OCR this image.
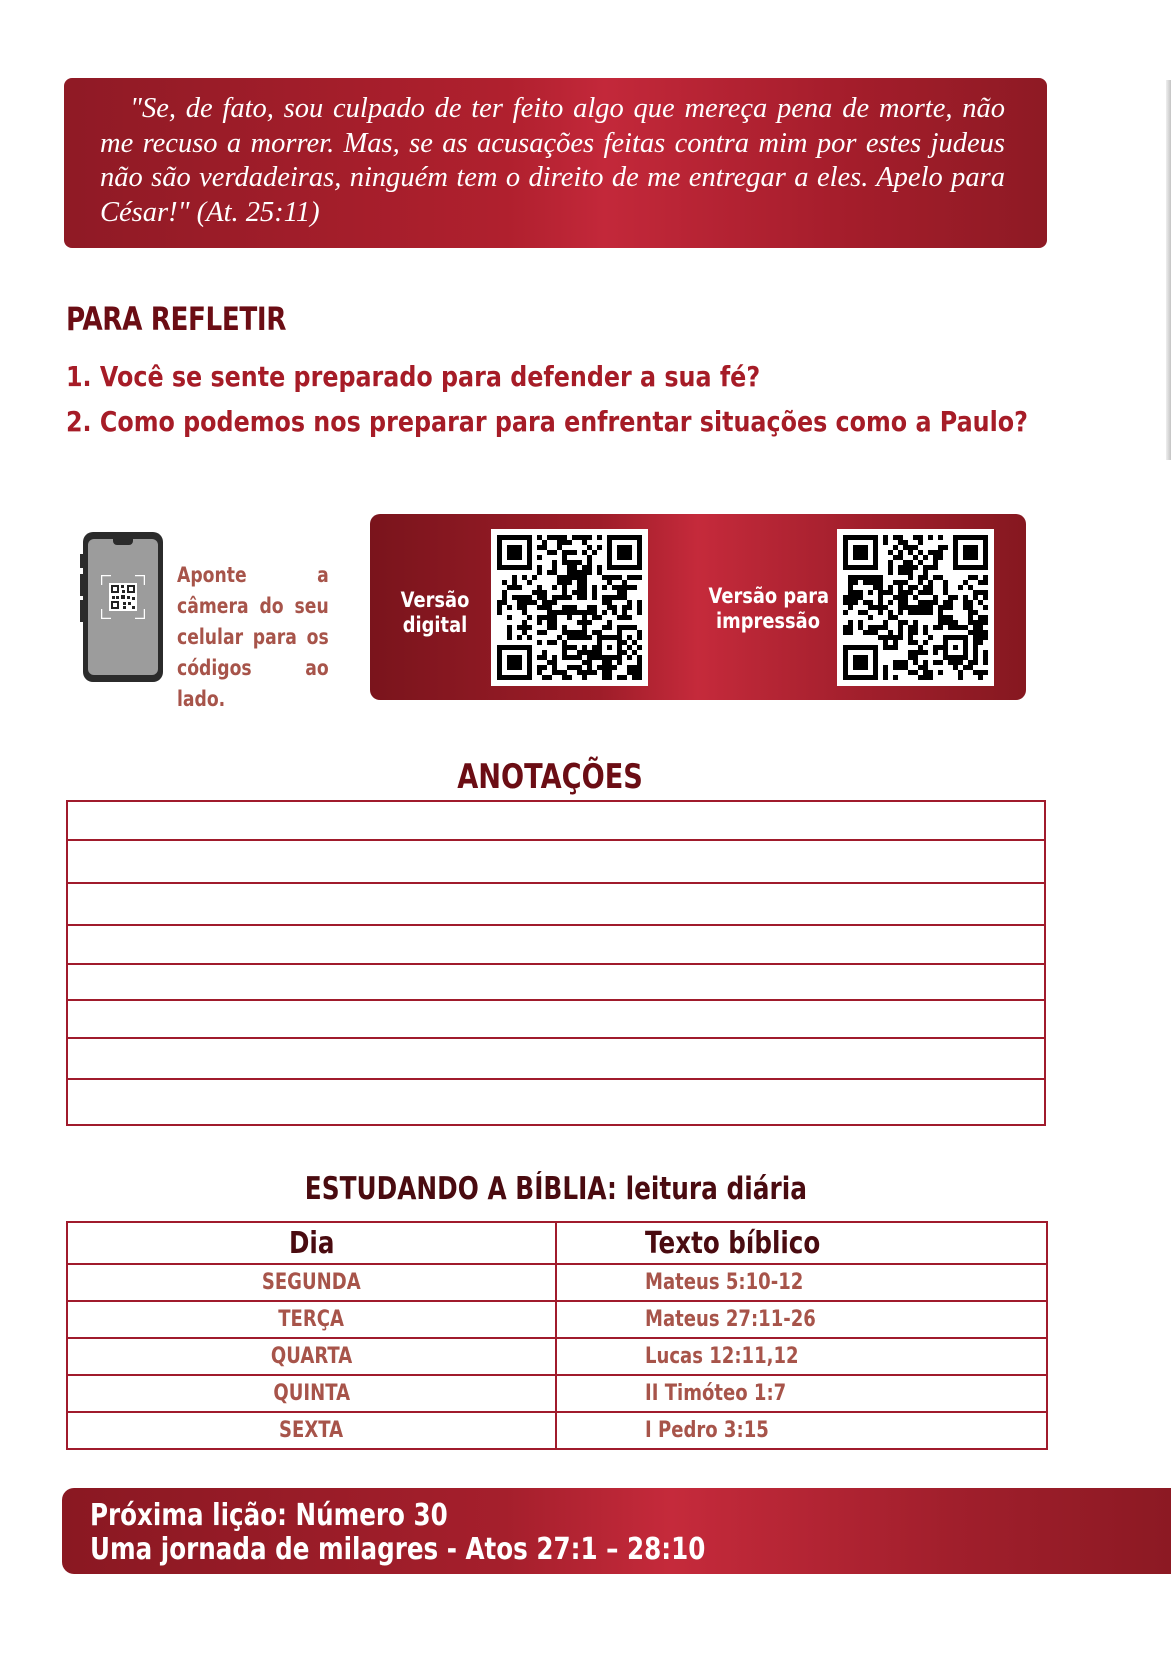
"Se, de fato, sou culpado de ter feito algo que mereça pena de morte, não me recuso a morrer. Mas, se as acusações feitas contra mim por estes judeus não são verdadeiras, ninguém tem o direito de me entregar a eles. Apelo para César!" (At. 25:11)

PARA REFLETIR
1. Você se sente preparado para defender a sua fé?
2. Como podemos nos preparar para enfrentar situações como a Paulo?

Aponte a câmera do seu celular para os códigos ao lado.

Versão
digital
Versão para
impressão
ANOTAÇÕES
ESTUDANDO A BÍBLIA: leitura diária
Dia	Texto bíblico
SEGUNDA	Mateus 5:10-12
TERÇA	Mateus 27:11-26
QUARTA	Lucas 12:11,12
QUINTA	II Timóteo 1:7
SEXTA	I Pedro 3:15

Próxima lição: Número 30

Uma jornada de milagres - Atos 27:1 – 28:10
